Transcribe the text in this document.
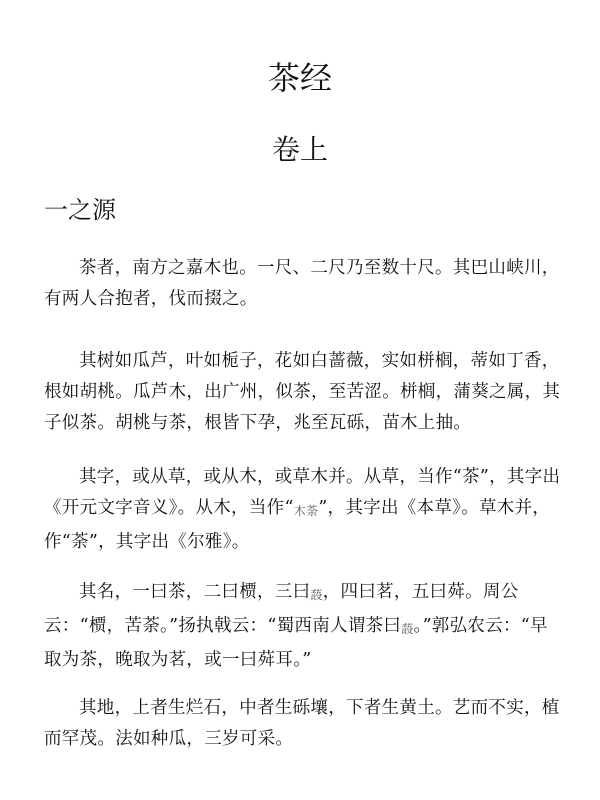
茶经
卷上
一之源

茶者，南方之嘉木也。一尺、二尺乃至数十尺。其巴山峡川，有两人合抱者，伐而掇之。

其树如瓜芦，叶如栀子，花如白蔷薇，实如栟榈，蒂如丁香，根如胡桃。瓜芦木，出广州，似茶，至苦涩。栟榈，蒲葵之属，其子似茶。胡桃与茶，根皆下孕，兆至瓦砾，苗木上抽。

其字，或从草，或从木，或草木并。从草，当作“茶”，其字出《开元文字音义》。从木，当作“木荼”，其字出《本草》。草木并，作“荼”，其字出《尔雅》。

其名，一曰茶，二曰槚，三曰蔎，四曰茗，五曰荈。周公云：“槚，苦荼。”扬执戟云：“蜀西南人谓茶曰蔎。”郭弘农云：“早取为茶，晚取为茗，或一曰荈耳。”

其地，上者生烂石，中者生砾壤，下者生黄土。艺而不实，植而罕茂。法如种瓜，三岁可采。
